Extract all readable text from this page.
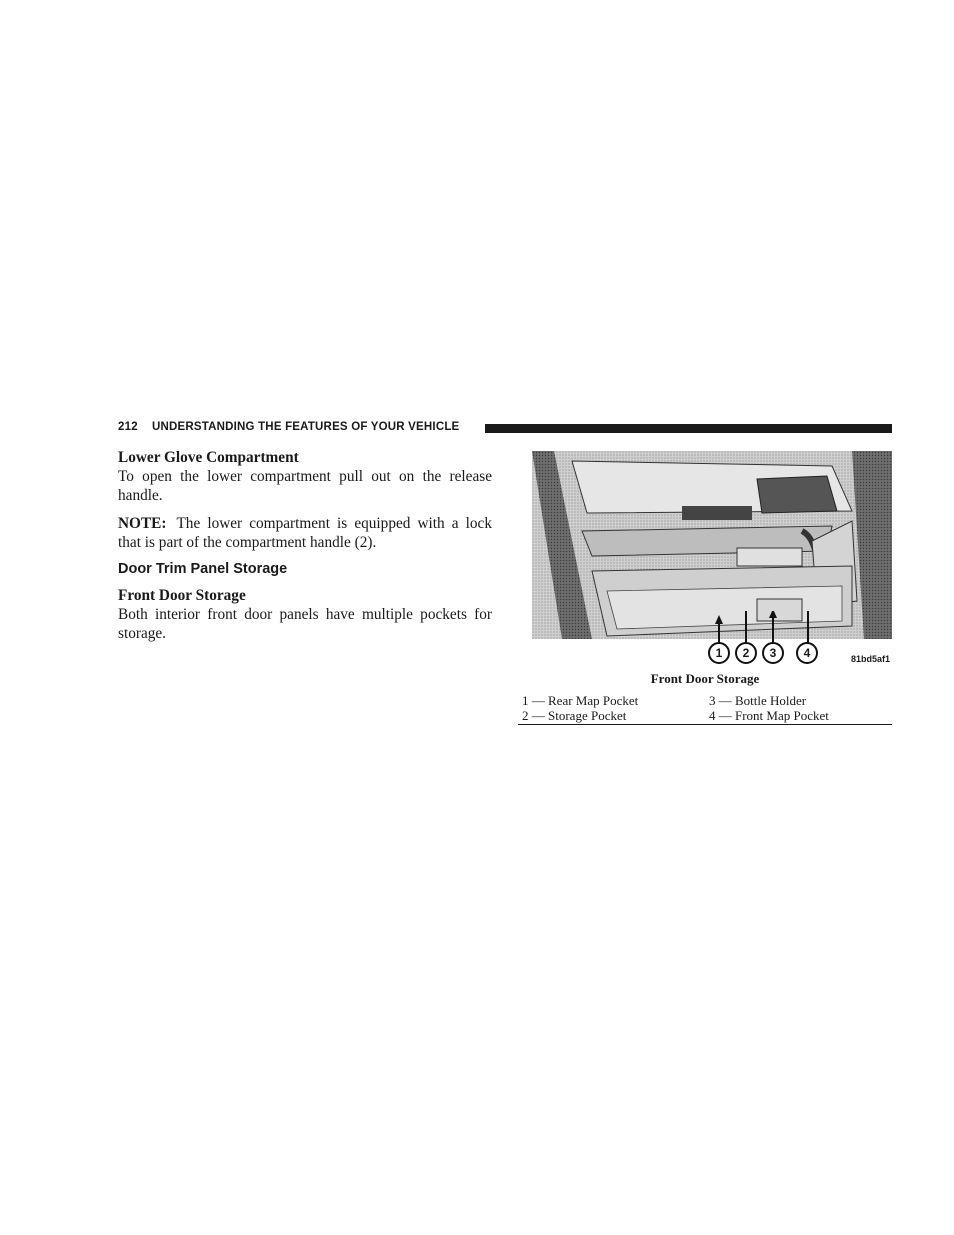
212 UNDERSTANDING THE FEATURES OF YOUR VEHICLE

Lower Glove Compartment

To open the lower compartment pull out on the release handle.

NOTE: The lower compartment is equipped with a lock that is part of the compartment handle (2).

Door Trim Panel Storage

Front Door Storage

Both interior front door panels have multiple pockets for storage.

1	2	3	4	81bd5af1
Front Door Storage
1 — Rear Map Pocket	3 — Bottle Holder
2 — Storage Pocket	4 — Front Map Pocket
